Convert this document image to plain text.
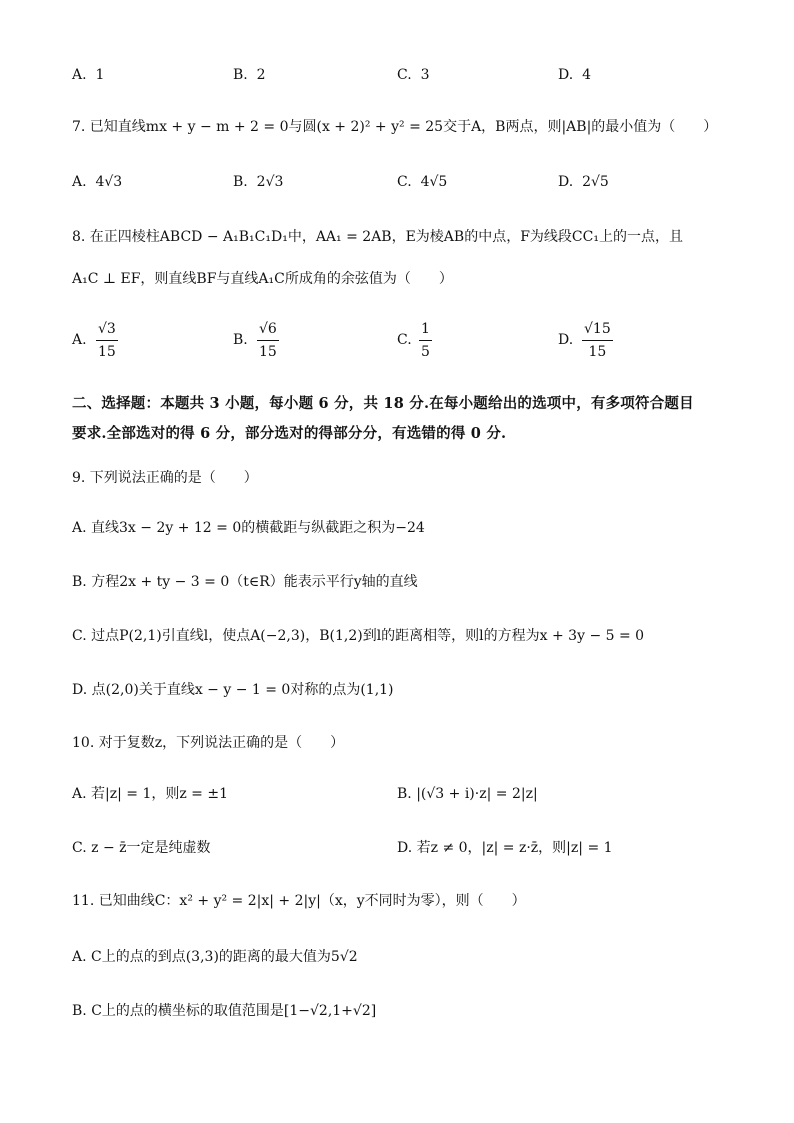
A. 1	B. 2	C. 3	D. 4
7. 已知直线mx + y − m + 2 = 0与圆(x + 2)² + y² = 25交于A，B两点，则|AB|的最小值为（　　）
A. 4√3	B. 2√3	C. 4√5	D. 2√5
8. 在正四棱柱ABCD − A₁B₁C₁D₁中，AA₁ = 2AB，E为棱AB的中点，F为线段CC₁上的一点，且
A₁C ⊥ EF，则直线BF与直线A₁C所成角的余弦值为（　　）
A. $\frac{√3}{15}$	B. $\frac{√6}{15}$	C. $\frac{1}{5}$	D. $\frac{√15}{15}$
二、选择题：本题共 3 小题，每小题 6 分，共 18 分.在每小题给出的选项中，有多项符合题目
要求.全部选对的得 6 分，部分选对的得部分分，有选错的得 0 分.
9. 下列说法正确的是（　　）
A. 直线3x − 2y + 12 = 0的横截距与纵截距之积为−24
B. 方程2x + ty − 3 = 0（t∈R）能表示平行y轴的直线
C. 过点P(2,1)引直线l，使点A(−2,3)，B(1,2)到l的距离相等，则l的方程为x + 3y − 5 = 0
D. 点(2,0)关于直线x − y − 1 = 0对称的点为(1,1)
10. 对于复数z，下列说法正确的是（　　）
A. 若|z| = 1，则z = ±1	B. |(√3 + i)·z| = 2|z|
C. z − z̄一定是纯虚数	D. 若z ≠ 0，|z| = z·z̄，则|z| = 1
11. 已知曲线C：x² + y² = 2|x| + 2|y|（x，y不同时为零），则（　　）
A. C上的点的到点(3,3)的距离的最大值为5√2
B. C上的点的横坐标的取值范围是[1−√2,1+√2]
